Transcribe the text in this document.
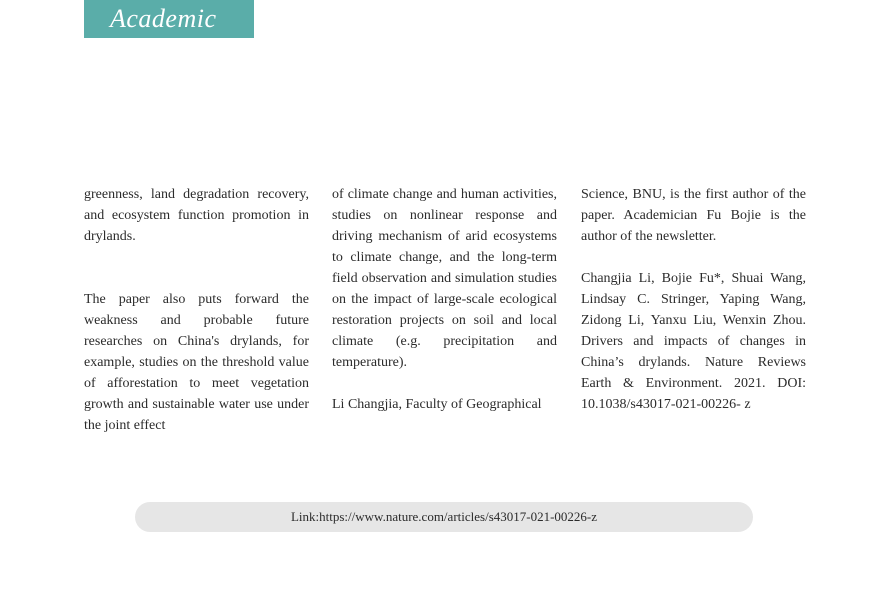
Academic

greenness, land degradation recovery, and ecosystem function promotion in drylands.

The paper also puts forward the weakness and probable future researches on China's drylands, for example, studies on the threshold value of afforestation to meet vegetation growth and sustainable water use under the joint effect

of climate change and human activities, studies on nonlinear response and driving mechanism of arid ecosystems to climate change, and the long-term field observation and simulation studies on the impact of large-scale ecological restoration projects on soil and local climate (e.g. precipitation and temperature).

Li Changjia, Faculty of Geographical

Science, BNU, is the first author of the paper. Academician Fu Bojie is the author of the newsletter.

Changjia Li, Bojie Fu*, Shuai Wang, Lindsay C. Stringer, Yaping Wang, Zidong Li, Yanxu Liu, Wenxin Zhou. Drivers and impacts of changes in China’s drylands. Nature Reviews Earth & Environment. 2021. DOI: 10.1038/s43017-021-00226- z

Link:https://www.nature.com/articles/s43017-021-00226-z
